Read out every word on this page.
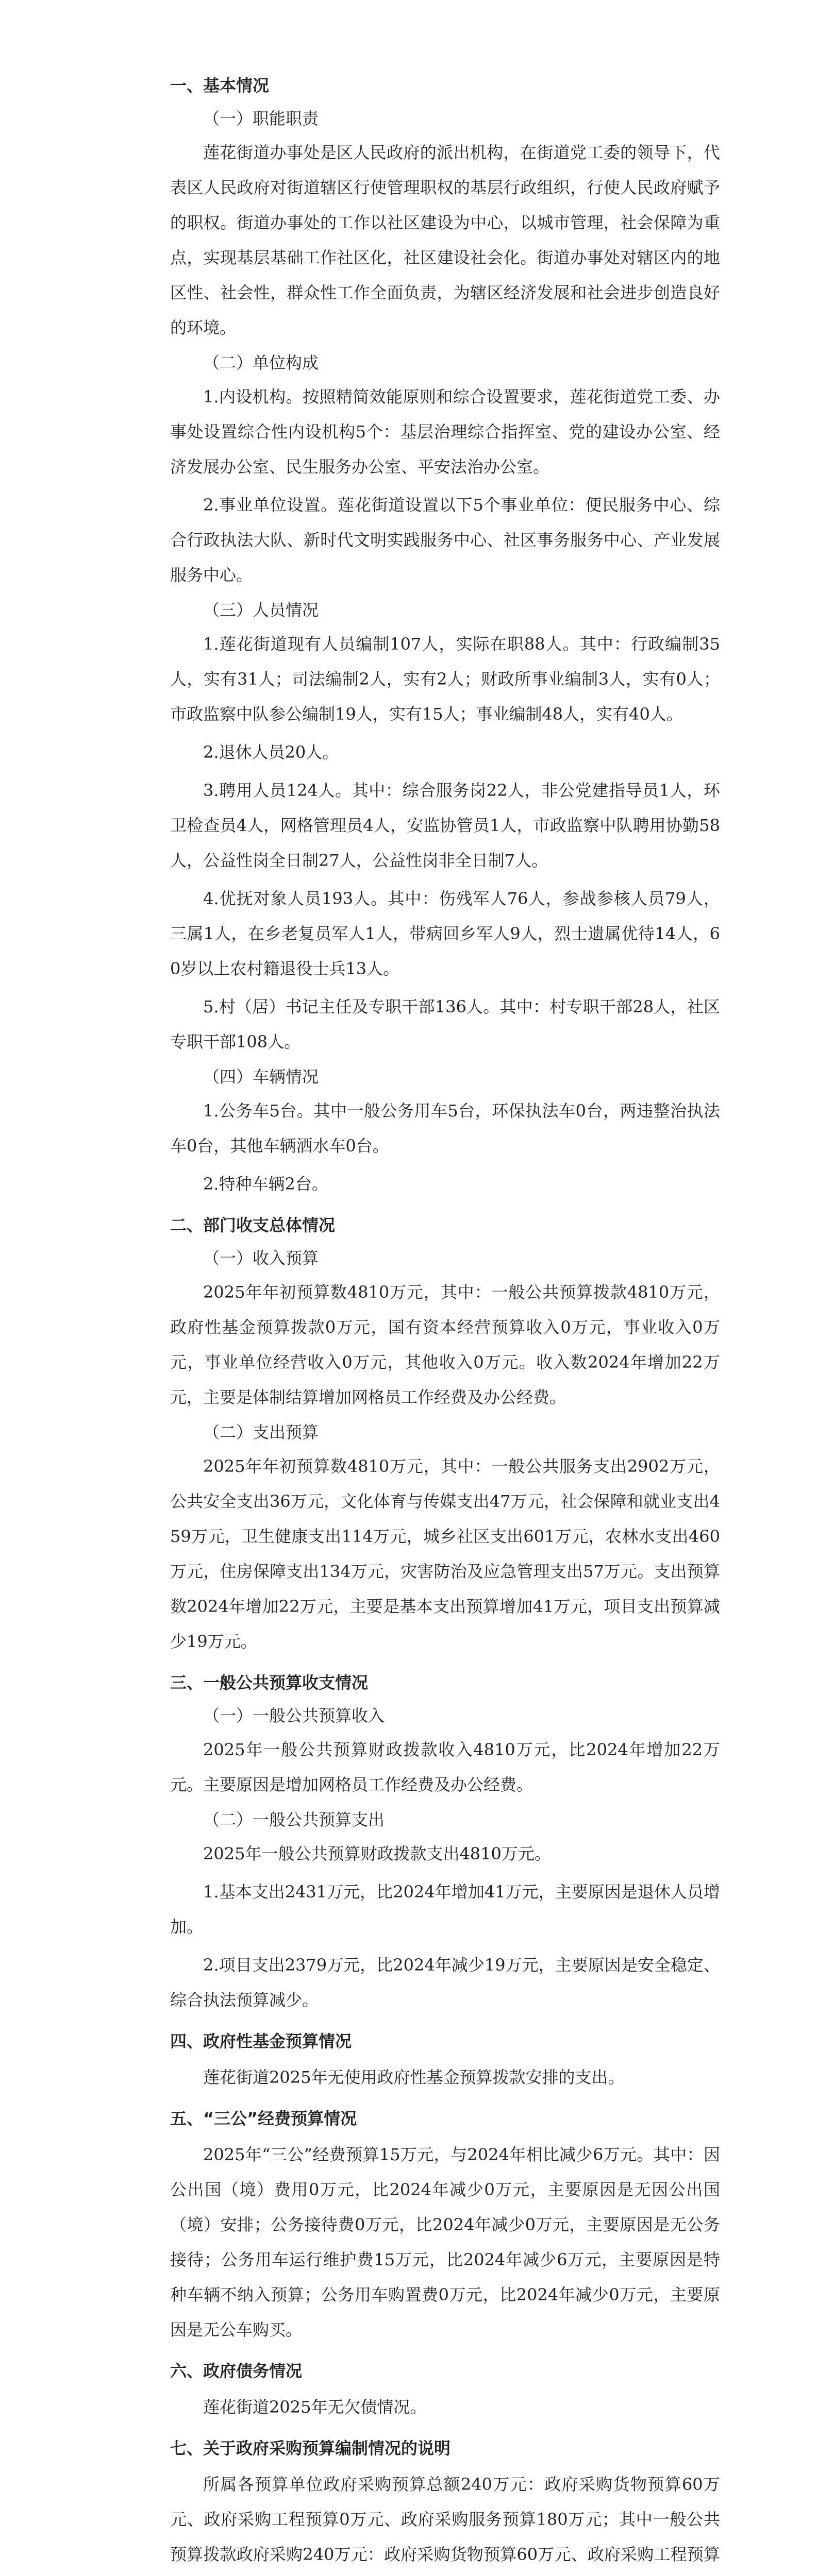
一、基本情况
（一）职能职责
莲花街道办事处是区人民政府的派出机构，在街道党工委的领导下，代表区人民政府对街道辖区行使管理职权的基层行政组织，行使人民政府赋予的职权。街道办事处的工作以社区建设为中心，以城市管理，社会保障为重点，实现基层基础工作社区化，社区建设社会化。街道办事处对辖区内的地区性、社会性，群众性工作全面负责，为辖区经济发展和社会进步创造良好的环境。
（二）单位构成
1.内设机构。按照精简效能原则和综合设置要求，莲花街道党工委、办事处设置综合性内设机构5个：基层治理综合指挥室、党的建设办公室、经济发展办公室、民生服务办公室、平安法治办公室。
2.事业单位设置。莲花街道设置以下5个事业单位：便民服务中心、综合行政执法大队、新时代文明实践服务中心、社区事务服务中心、产业发展服务中心。
（三）人员情况
1.莲花街道现有人员编制107人，实际在职88人。其中：行政编制35人，实有31人；司法编制2人，实有2人；财政所事业编制3人，实有0人；市政监察中队参公编制19人，实有15人；事业编制48人，实有40人。
2.退休人员20人。
3.聘用人员124人。其中：综合服务岗22人，非公党建指导员1人，环卫检查员4人，网格管理员4人，安监协管员1人，市政监察中队聘用协勤58人，公益性岗全日制27人，公益性岗非全日制7人。
4.优抚对象人员193人。其中：伤残军人76人，参战参核人员79人，三属1人，在乡老复员军人1人，带病回乡军人9人，烈士遗属优待14人，60岁以上农村籍退役士兵13人。
5.村（居）书记主任及专职干部136人。其中：村专职干部28人，社区专职干部108人。
（四）车辆情况
1.公务车5台。其中一般公务用车5台，环保执法车0台，两违整治执法车0台，其他车辆洒水车0台。
2.特种车辆2台。
二、部门收支总体情况
（一）收入预算
2025年年初预算数4810万元，其中：一般公共预算拨款4810万元，政府性基金预算拨款0万元，国有资本经营预算收入0万元，事业收入0万元，事业单位经营收入0万元，其他收入0万元。收入数2024年增加22万元，主要是体制结算增加网格员工作经费及办公经费。
（二）支出预算
2025年年初预算数4810万元，其中：一般公共服务支出2902万元，公共安全支出36万元，文化体育与传媒支出47万元，社会保障和就业支出459万元，卫生健康支出114万元，城乡社区支出601万元，农林水支出460万元，住房保障支出134万元，灾害防治及应急管理支出57万元。支出预算数2024年增加22万元，主要是基本支出预算增加41万元，项目支出预算减少19万元。
三、一般公共预算收支情况
（一）一般公共预算收入
2025年一般公共预算财政拨款收入4810万元，比2024年增加22万元。主要原因是增加网格员工作经费及办公经费。
（二）一般公共预算支出
2025年一般公共预算财政拨款支出4810万元。
1.基本支出2431万元，比2024年增加41万元，主要原因是退休人员增加。
2.项目支出2379万元，比2024年减少19万元，主要原因是安全稳定、综合执法预算减少。
四、政府性基金预算情况
莲花街道2025年无使用政府性基金预算拨款安排的支出。
五、“三公”经费预算情况
2025年“三公”经费预算15万元，与2024年相比减少6万元。其中：因公出国（境）费用0万元，比2024年减少0万元，主要原因是无因公出国（境）安排；公务接待费0万元，比2024年减少0万元，主要原因是无公务接待；公务用车运行维护费15万元，比2024年减少6万元，主要原因是特种车辆不纳入预算；公务用车购置费0万元，比2024年减少0万元，主要原因是无公车购买。
六、政府债务情况
莲花街道2025年无欠债情况。
七、关于政府采购预算编制情况的说明
所属各预算单位政府采购预算总额240万元：政府采购货物预算60万元、政府采购工程预算0万元、政府采购服务预算180万元；其中一般公共预算拨款政府采购240万元：政府采购货物预算60万元、政府采购工程预算
